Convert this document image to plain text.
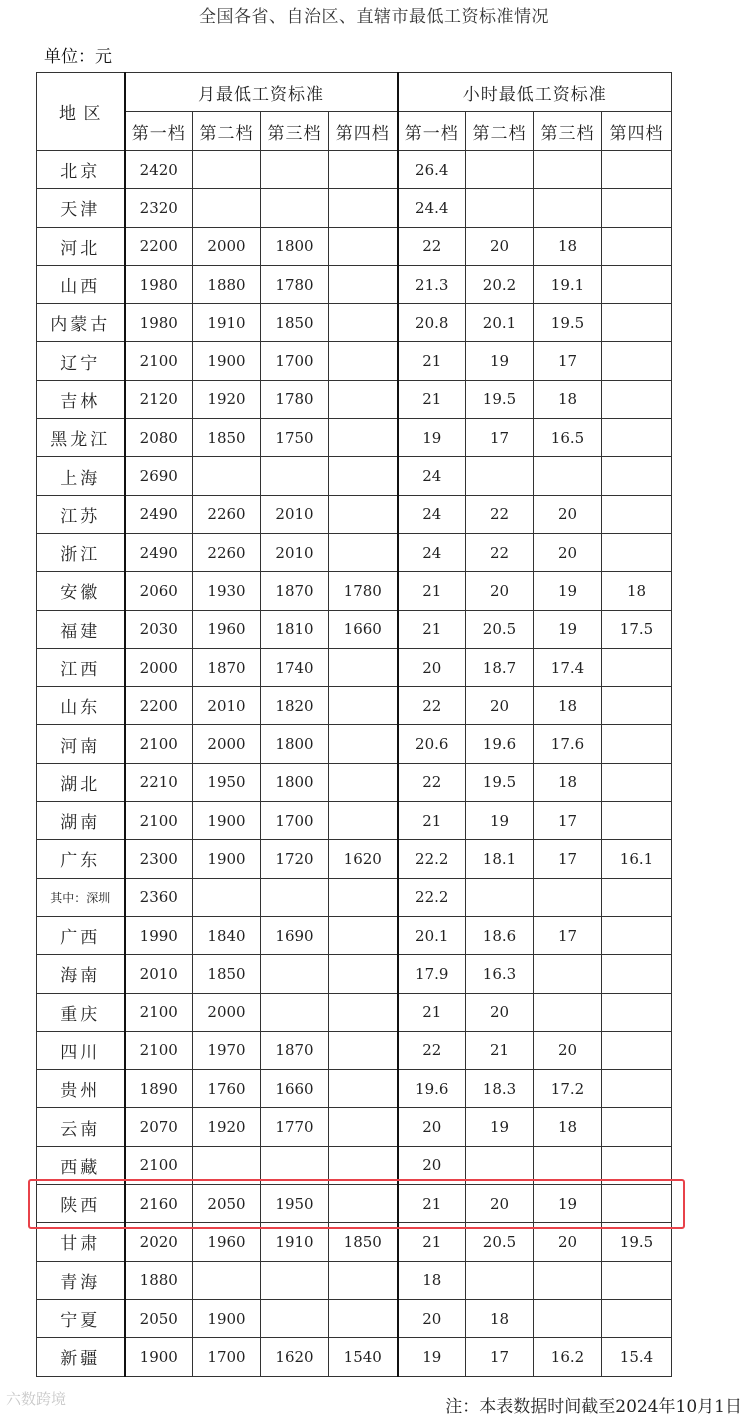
全国各省、自治区、直辖市最低工资标准情况
单位：元
地 区	月最低工资标准				小时最低工资标准			
	第一档	第二档	第三档	第四档	第一档	第二档	第三档	第四档
北京	2420				26.4			
天津	2320				24.4			
河北	2200	2000	1800		22	20	18	
山西	1980	1880	1780		21.3	20.2	19.1	
内蒙古	1980	1910	1850		20.8	20.1	19.5	
辽宁	2100	1900	1700		21	19	17	
吉林	2120	1920	1780		21	19.5	18	
黑龙江	2080	1850	1750		19	17	16.5	
上海	2690				24			
江苏	2490	2260	2010		24	22	20	
浙江	2490	2260	2010		24	22	20	
安徽	2060	1930	1870	1780	21	20	19	18
福建	2030	1960	1810	1660	21	20.5	19	17.5
江西	2000	1870	1740		20	18.7	17.4	
山东	2200	2010	1820		22	20	18	
河南	2100	2000	1800		20.6	19.6	17.6	
湖北	2210	1950	1800		22	19.5	18	
湖南	2100	1900	1700		21	19	17	
广东	2300	1900	1720	1620	22.2	18.1	17	16.1
其中：深圳	2360				22.2			
广西	1990	1840	1690		20.1	18.6	17	
海南	2010	1850			17.9	16.3		
重庆	2100	2000			21	20		
四川	2100	1970	1870		22	21	20	
贵州	1890	1760	1660		19.6	18.3	17.2	
云南	2070	1920	1770		20	19	18	
西藏	2100				20			
陕西	2160	2050	1950		21	20	19	
甘肃	2020	1960	1910	1850	21	20.5	20	19.5
青海	1880				18			
宁夏	2050	1900			20	18		
新疆	1900	1700	1620	1540	19	17	16.2	15.4
六数跨境	注：本表数据时间截至2024年10月1日
